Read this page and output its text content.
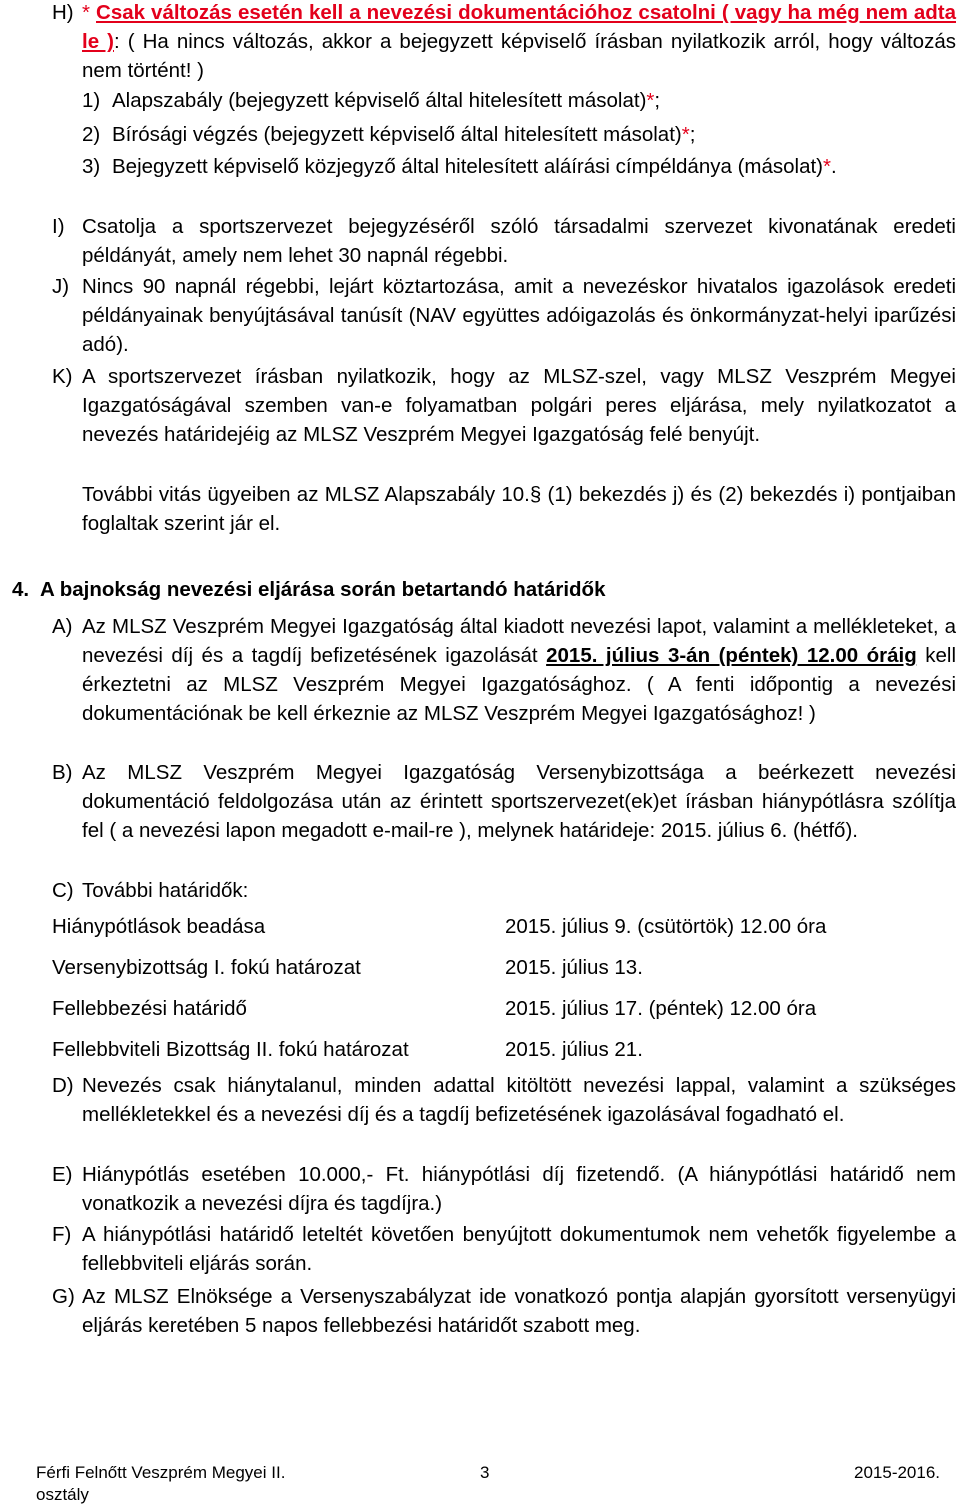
H) * Csak változás esetén kell a nevezési dokumentációhoz csatolni ( vagy ha még nem adta le ): ( Ha nincs változás, akkor a bejegyzett képviselő írásban nyilatkozik arról, hogy változás nem történt! )
1) Alapszabály (bejegyzett képviselő által hitelesített másolat)*;
2) Bírósági végzés (bejegyzett képviselő által hitelesített másolat)*;
3) Bejegyzett képviselő közjegyző által hitelesített aláírási címpéldánya (másolat)*.
I) Csatolja a sportszervezet bejegyzéséről szóló társadalmi szervezet kivonatának eredeti példányát, amely nem lehet 30 napnál régebbi.
J) Nincs 90 napnál régebbi, lejárt köztartozása, amit a nevezéskor hivatalos igazolások eredeti példányainak benyújtásával tanúsít (NAV együttes adóigazolás és önkormányzat-helyi iparűzési adó).
K) A sportszervezet írásban nyilatkozik, hogy az MLSZ-szel, vagy MLSZ Veszprém Megyei Igazgatóságával szemben van-e folyamatban polgári peres eljárása, mely nyilatkozatot a nevezés határidejéig az MLSZ Veszprém Megyei Igazgatóság felé benyújt.
További vitás ügyeiben az MLSZ Alapszabály 10.§ (1) bekezdés j) és (2) bekezdés i) pontjaiban foglaltak szerint jár el.
4. A bajnokság nevezési eljárása során betartandó határidők
A) Az MLSZ Veszprém Megyei Igazgatóság által kiadott nevezési lapot, valamint a mellékleteket, a nevezési díj és a tagdíj befizetésének igazolását 2015. július 3-án (péntek) 12.00 óráig kell érkeztetni az MLSZ Veszprém Megyei Igazgatósághoz. ( A fenti időpontig a nevezési dokumentációnak be kell érkeznie az MLSZ Veszprém Megyei Igazgatósághoz! )
B) Az MLSZ Veszprém Megyei Igazgatóság Versenybizottsága a beérkezett nevezési dokumentáció feldolgozása után az érintett sportszervezet(ek)et írásban hiánypótlásra szólítja fel ( a nevezési lapon megadott e-mail-re ), melynek határideje: 2015. július 6. (hétfő).
C) További határidők:
Hiánypótlások beadása	2015. július 9. (csütörtök) 12.00 óra
Versenybizottság I. fokú határozat	2015. július 13.
Fellebbezési határidő	2015. július 17. (péntek) 12.00 óra
Fellebbviteli Bizottság II. fokú határozat	2015. július 21.
D) Nevezés csak hiánytalanul, minden adattal kitöltött nevezési lappal, valamint a szükséges mellékletekkel és a nevezési díj és a tagdíj befizetésének igazolásával fogadható el.
E) Hiánypótlás esetében 10.000,- Ft. hiánypótlási díj fizetendő. (A hiánypótlási határidő nem vonatkozik a nevezési díjra és tagdíjra.)
F) A hiánypótlási határidő leteltét követően benyújtott dokumentumok nem vehetők figyelembe a fellebbviteli eljárás során.
G) Az MLSZ Elnöksége a Versenyszabályzat ide vonatkozó pontja alapján gyorsított versenyügyi eljárás keretében 5 napos fellebbezési határidőt szabott meg.
Férfi Felnőtt Veszprém Megyei II.
osztály
3	2015-2016.
